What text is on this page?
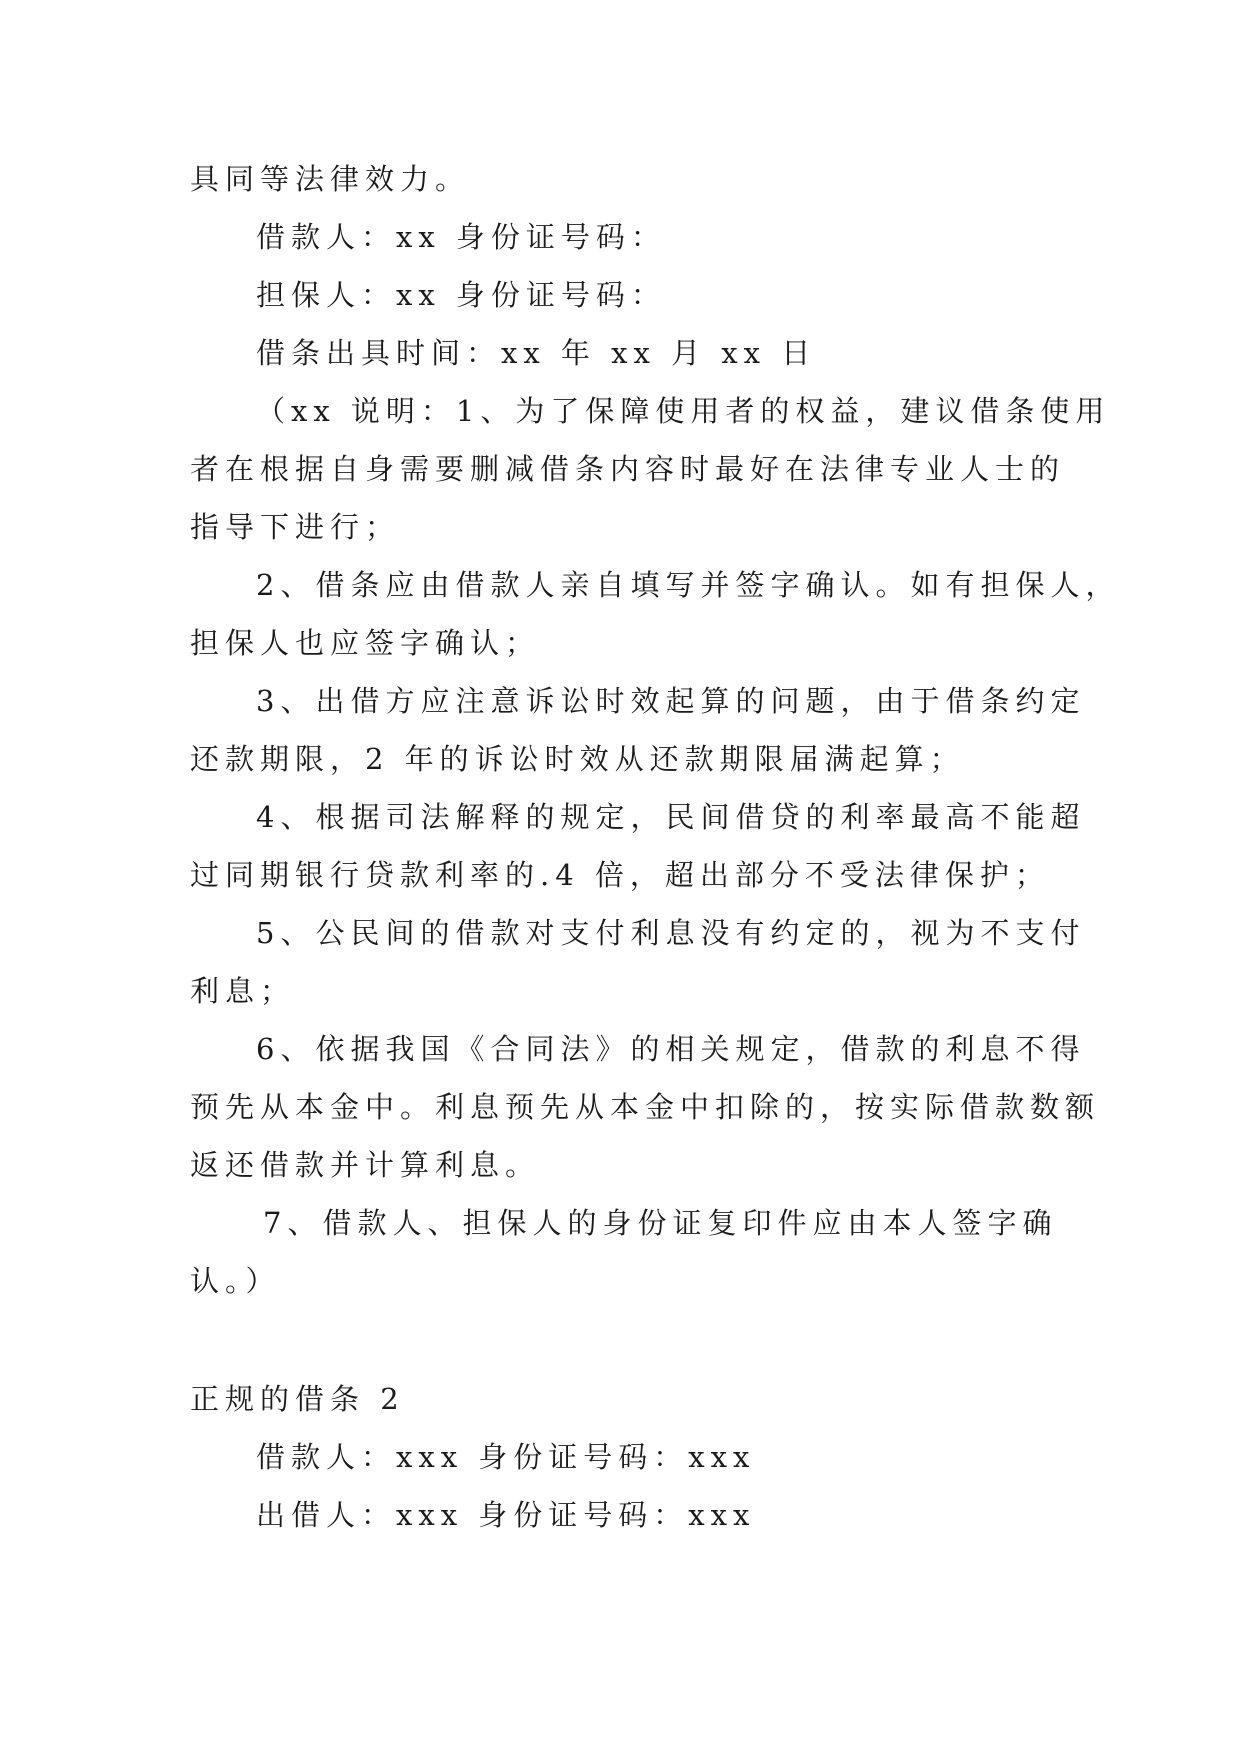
具同等法律效力。
借款人：xx 身份证号码：
担保人：xx 身份证号码：
借条出具时间：xx 年 xx 月 xx 日
（xx 说明：1、为了保障使用者的权益，建议借条使用
者在根据自身需要删减借条内容时最好在法律专业人士的
指导下进行；
2、借条应由借款人亲自填写并签字确认。如有担保人，
担保人也应签字确认；
3、出借方应注意诉讼时效起算的问题，由于借条约定
还款期限，2 年的诉讼时效从还款期限届满起算；
4、根据司法解释的规定，民间借贷的利率最高不能超
过同期银行贷款利率的.4 倍，超出部分不受法律保护；
5、公民间的借款对支付利息没有约定的，视为不支付
利息；
6、依据我国《合同法》的相关规定，借款的利息不得
预先从本金中。利息预先从本金中扣除的，按实际借款数额
返还借款并计算利息。
7、借款人、担保人的身份证复印件应由本人签字确
认。）
正规的借条 2
借款人：xxx 身份证号码：xxx
出借人：xxx 身份证号码：xxx
